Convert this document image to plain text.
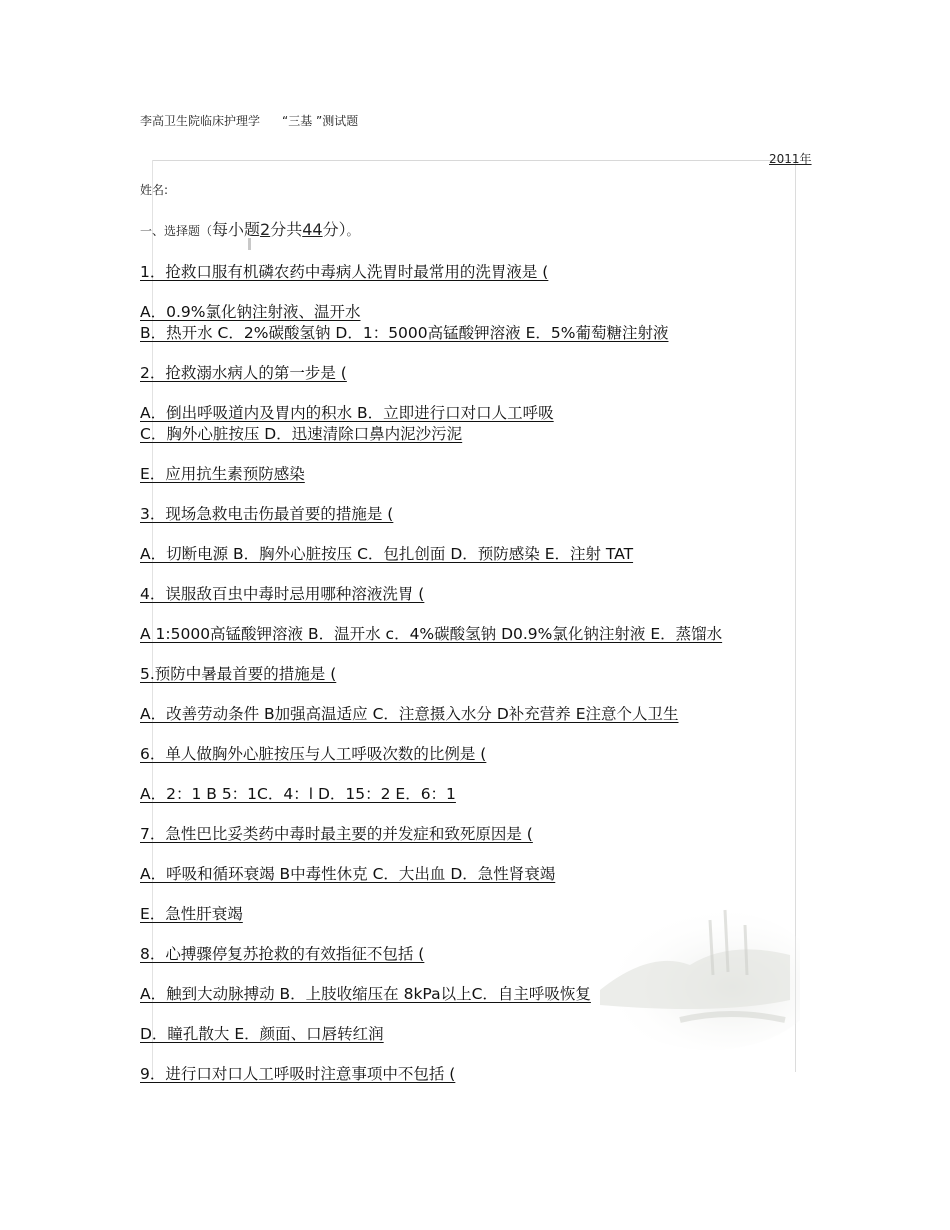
李高卫生院临床护理学 “三基 ”测试题
2011年
姓名:
一、选择题（每小题2分共44分）。
1．抢救口服有机磷农药中毒病人洗胃时最常用的洗胃液是 (
A．0.9%氯化钠注射液、温开水
B．热开水 C．2%碳酸氢钠 D．1：5000高锰酸钾溶液 E．5%葡萄糖注射液
2．抢救溺水病人的第一步是 (
A．倒出呼吸道内及胃内的积水 B．立即进行口对口人工呼吸
C．胸外心脏按压 D．迅速清除口鼻内泥沙污泥
E．应用抗生素预防感染
3．现场急救电击伤最首要的措施是 (
A．切断电源 B．胸外心脏按压 C．包扎创面 D．预防感染 E．注射 TAT
4．误服敌百虫中毒时忌用哪种溶液洗胃 (
A 1:5000高锰酸钾溶液 B．温开水 c．4%碳酸氢钠 D0.9%氯化钠注射液 E．蒸馏水
5.预防中暑最首要的措施是 (
A．改善劳动条件 B加强高温适应 C．注意摄入水分 D补充营养 E注意个人卫生
6．单人做胸外心脏按压与人工呼吸次数的比例是 (
A．2：1 B 5：1C．4：l D．15：2 E．6：1
7．急性巴比妥类药中毒时最主要的并发症和致死原因是 (
A．呼吸和循环衰竭 B中毒性休克 C．大出血 D．急性肾衰竭
E．急性肝衰竭
8．心搏骤停复苏抢救的有效指征不包括 (
A．触到大动脉搏动 B．上肢收缩压在 8kPa以上C．自主呼吸恢复
D．瞳孔散大 E．颜面、口唇转红润
9．进行口对口人工呼吸时注意事项中不包括 (
